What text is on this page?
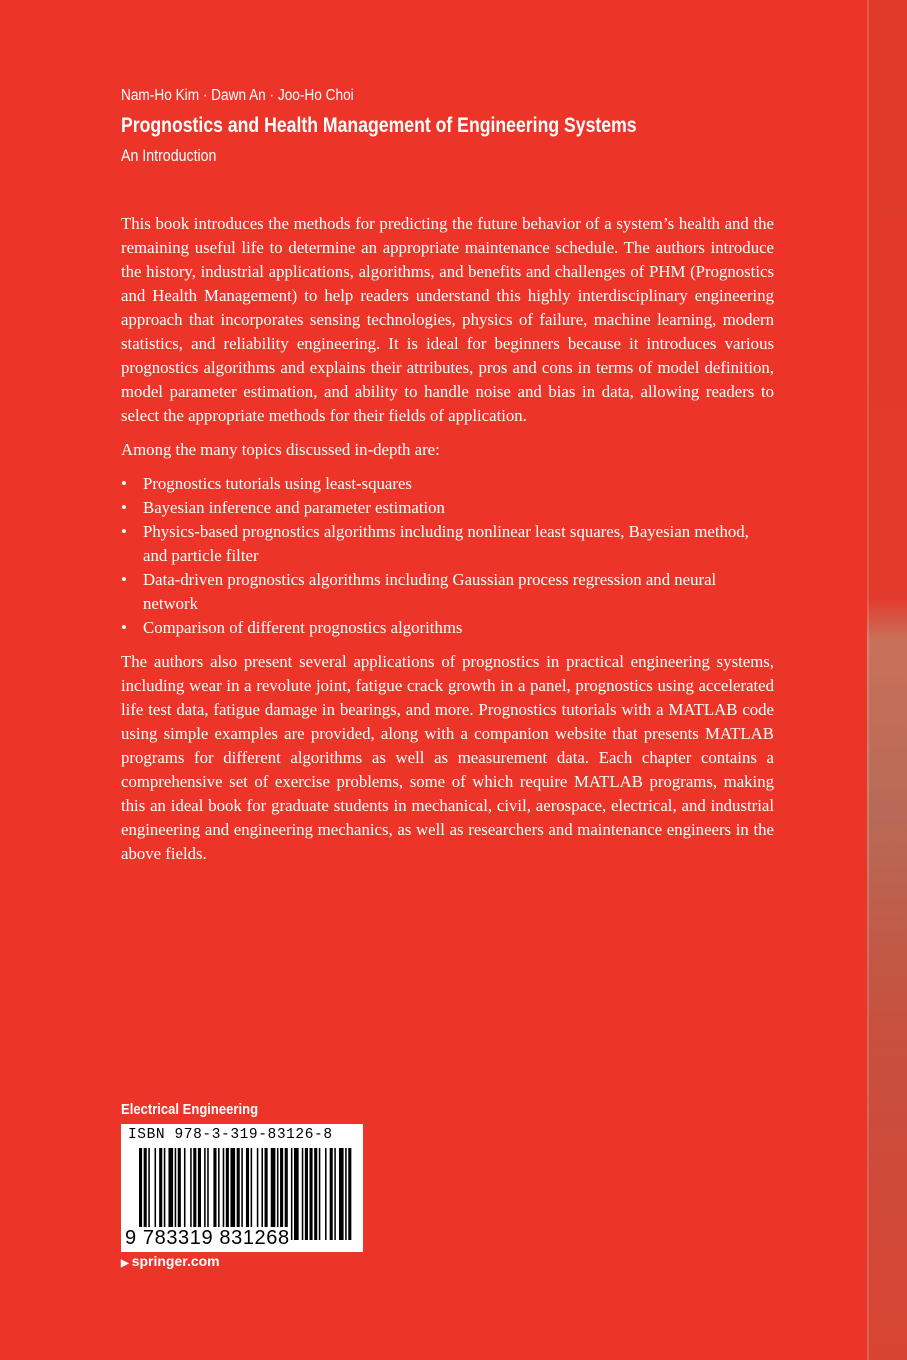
Nam-Ho Kim · Dawn An · Joo-Ho Choi
Prognostics and Health Management of Engineering Systems
An Introduction

This book introduces the methods for predicting the future behavior of a system’s health and the remaining useful life to determine an appropriate maintenance schedule. The authors introduce the history, industrial applications, algorithms, and benefits and challenges of PHM (Prognostics and Health Management) to help readers understand this highly interdisciplinary engineering approach that incorporates sensing technologies, physics of failure, machine learning, modern statistics, and reliability engineering. It is ideal for beginners because it introduces various prognostics algorithms and explains their attributes, pros and cons in terms of model definition, model parameter estimation, and ability to handle noise and bias in data, allowing readers to select the appropriate methods for their fields of application.

Among the many topics discussed in-depth are:

• Prognostics tutorials using least-squares
• Bayesian inference and parameter estimation
• Physics-based prognostics algorithms including nonlinear least squares, Bayesian method, and particle filter
• Data-driven prognostics algorithms including Gaussian process regression and neural network
• Comparison of different prognostics algorithms

The authors also present several applications of prognostics in practical engineering systems, including wear in a revolute joint, fatigue crack growth in a panel, prognostics using accelerated life test data, fatigue damage in bearings, and more. Prognostics tutorials with a MATLAB code using simple examples are provided, along with a companion website that presents MATLAB programs for different algorithms as well as measurement data. Each chapter contains a comprehensive set of exercise problems, some of which require MATLAB programs, making this an ideal book for graduate students in mechanical, civil, aerospace, electrical, and industrial engineering and engineering mechanics, as well as researchers and maintenance engineers in the above fields.

Electrical Engineering
ISBN 978-3-319-83126-8
9 783319 831268
▶ springer.com
